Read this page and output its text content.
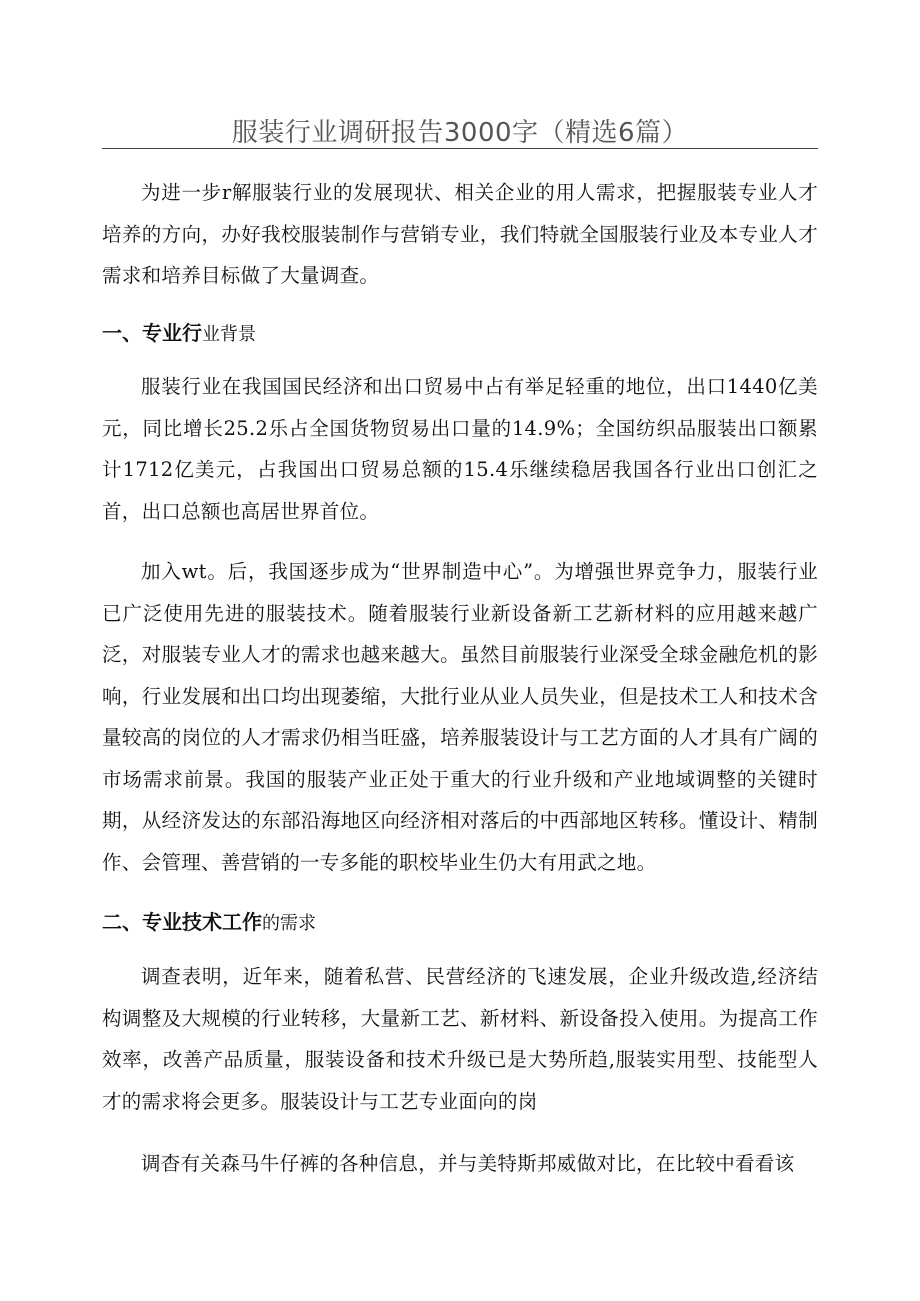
服装行业调研报告3000字（精选6篇）

为进一步r解服装行业的发展现状、相关企业的用人需求，把握服装专业人才培养的方向，办好我校服装制作与营销专业，我们特就全国服装行业及本专业人才需求和培养目标做了大量调查。

一、专业行业背景

服装行业在我国国民经济和出口贸易中占有举足轻重的地位，出口1440亿美元，同比增长25.2乐占全国货物贸易出口量的14.9%；全国纺织品服装出口额累计1712亿美元，占我国出口贸易总额的15.4乐继续稳居我国各行业出口创汇之首，出口总额也高居世界首位。

加入wt。后，我国逐步成为“世界制造中心”。为增强世界竞争力，服装行业已广泛使用先进的服装技术。随着服装行业新设备新工艺新材料的应用越来越广泛，对服装专业人才的需求也越来越大。虽然目前服装行业深受全球金融危机的影响，行业发展和出口均出现萎缩，大批行业从业人员失业，但是技术工人和技术含量较高的岗位的人才需求仍相当旺盛，培养服装设计与工艺方面的人才具有广阔的市场需求前景。我国的服装产业正处于重大的行业升级和产业地域调整的关键时期，从经济发达的东部沿海地区向经济相对落后的中西部地区转移。懂设计、精制作、会管理、善营销的一专多能的职校毕业生仍大有用武之地。

二、专业技术工作的需求

调查表明，近年来，随着私营、民营经济的飞速发展，企业升级改造,经济结构调整及大规模的行业转移，大量新工艺、新材料、新设备投入使用。为提高工作效率，改善产品质量，服装设备和技术升级已是大势所趋,服装实用型、技能型人才的需求将会更多。服装设计与工艺专业面向的岗

调杳有关森马牛仔裤的各种信息，并与美特斯邦威做对比，在比较中看看该
